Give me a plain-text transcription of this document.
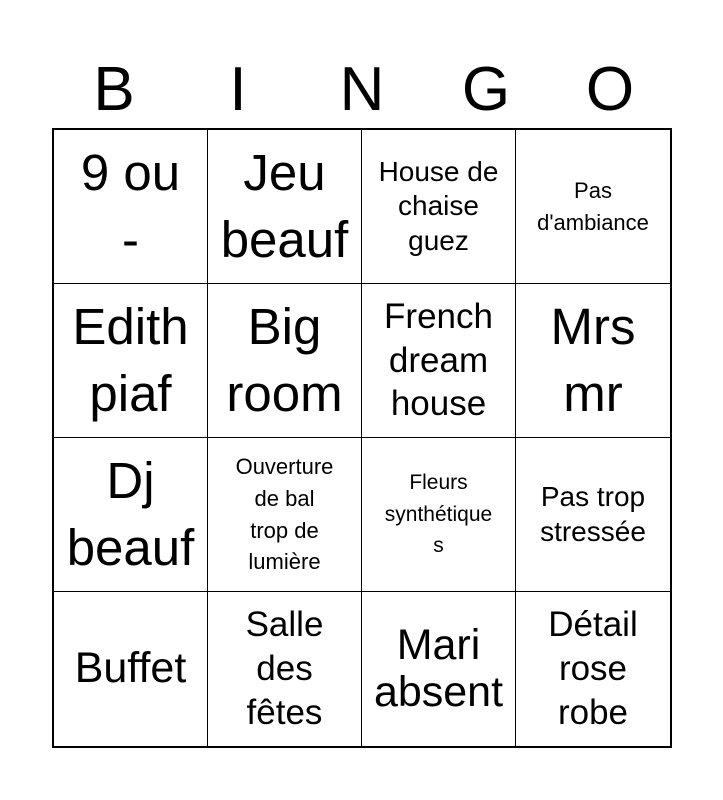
B	I	N	G	O
9 ou
-
Jeu
beauf
House de
chaise
guez
Pas
d'ambiance
Edith
piaf
Big
room
French
dream
house
Mrs
mr
Dj
beauf
Ouverture
de bal
trop de
lumière
Fleurs
synthétique
s
Pas trop
stressée
Buffet
Salle
des
fêtes
Mari
absent
Détail
rose
robe
